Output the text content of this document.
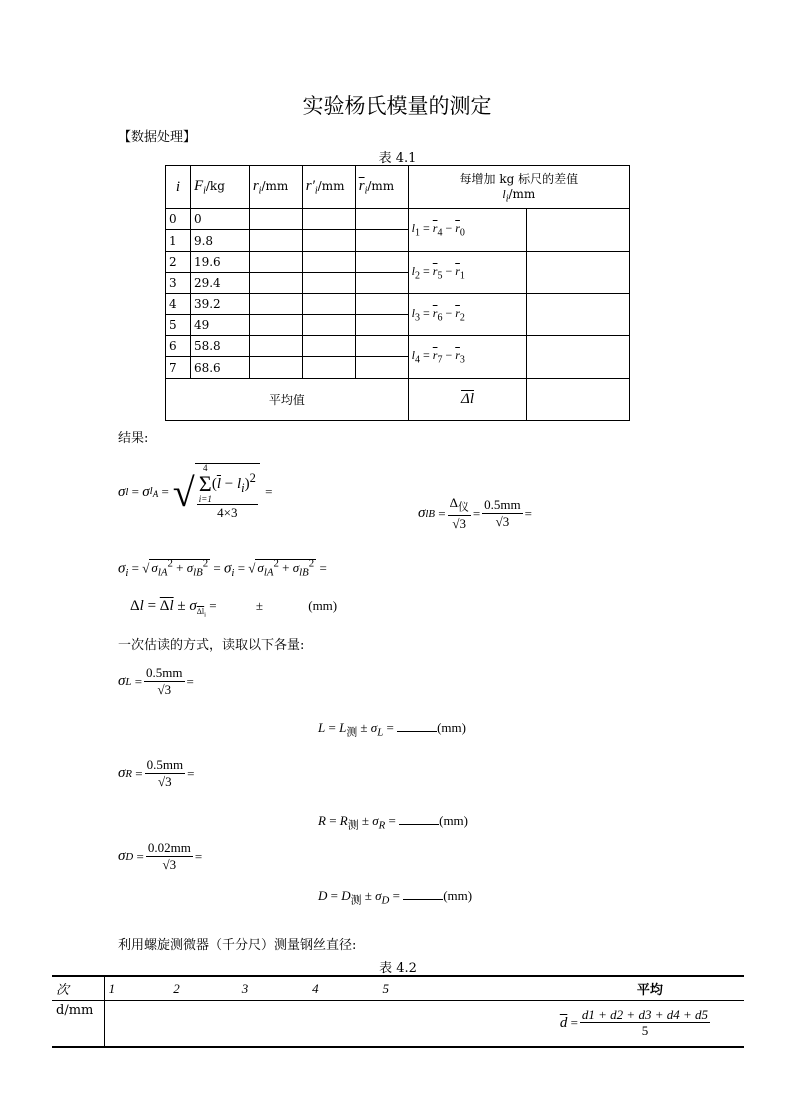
实验杨氏模量的测定
【数据处理】
表 4.1
i	$F_i/kg$	$r_i/mm$	$r'_i/mm$	$\overline{r}_i/mm$	每增加 kg 标尺的差值
$l_i/mm$	

0	0				$l_1 = \overline{r}_4 - \overline{r}_0$	
1	9.8					
2	19.6				$l_2 = \overline{r}_5 - \overline{r}_1$	
3	29.4					
4	39.2				$l_3 = \overline{r}_6 - \overline{r}_2$	
5	49					
6	58.8				$l_4 = \overline{r}_7 - \overline{r}_3$	
7	68.6					
平均值					$\overline{\Delta l}$	
结果:
σ l = σ $l_A$ = √ 4
Σ
i=1
$(\overline{l} - l_i)^2$
4×3 =
σ lB = $\frac{\Delta_仪}{√3} = \frac{0.5mm}{√3}$ =
$\sigma_i$ = √ $\sigma_{lA}^2 + \sigma_{lB}^2 = \sigma_i$ = √ $\sigma_{lA}^2 + \sigma_{lB}^2$ =
$\Delta l = \Delta l \pm \sigma_{\overline{\Delta l}_i}$ =	±	(mm)
一次估读的方式，读取以下各量:
σ $L = \frac{0.5mm}{√3}$ =
$L = L_测 \pm \sigma_L$ =	(mm)
σ $R = \frac{0.5mm}{√3}$ =
$R = R_测 \pm \sigma_R$ =	(mm)
σ $D = \frac{0.02mm}{√3}$ =
$D = D_测 \pm \sigma_D$ =	(mm)
利用螺旋测微器（千分尺）测量钢丝直径:
表 4.2
次	1	2	3	4	5	平均
d/mm						$\overline{d} = \frac{d1 + d2 + d3 + d4 + d5}{5}$
